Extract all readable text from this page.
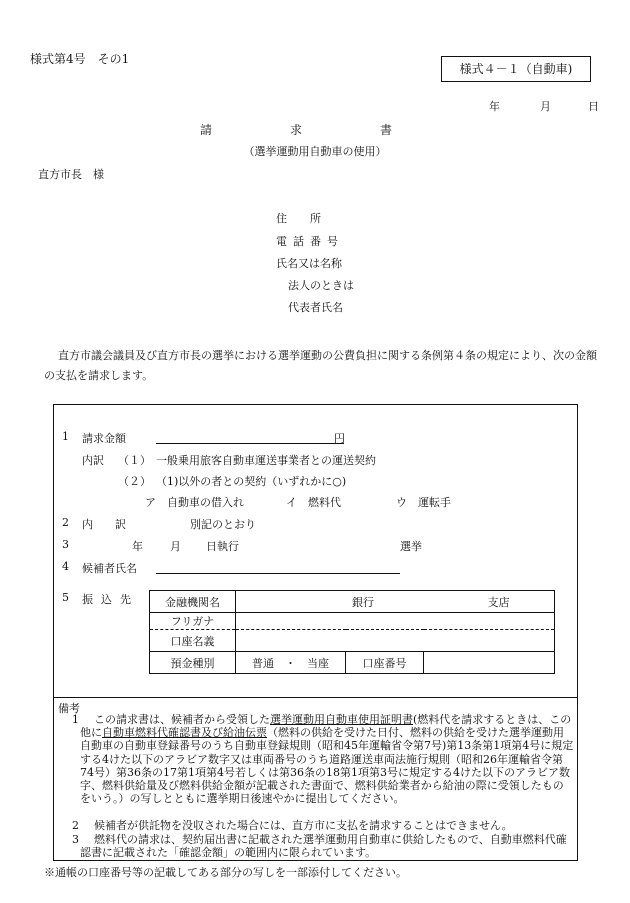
様式第4号　その1
様式４－１（自動車)
年	月	日
請求書
（選挙運動用自動車の使用）
直方市長　様
住　所
電話番号
氏名又は名称
法人のときは
代表者氏名
直方市議会議員及び直方市長の選挙における選挙運動の公費負担に関する条例第４条の規定により、次の金額の支払を請求します。
1 請求金額	円
内訳 （１） 一般乗用旅客自動車運送事業者との運送契約
（２） （1)以外の者との契約（いずれかに○)
ア　自動車の借入れ	イ　燃料代	ウ　運転手
2 内　　訳	別記のとおり
3	年 月 日執行	選挙
4 候補者氏名
5 振込先 金融機関名	銀行 支店		
フリガナ			
口座名義			
預金種別	普通　・　当座	口座番号	
備考
1	この請求書は、候補者から受領した選挙運動用自動車使用証明書(燃料代を請求するときは、この他に自動車燃料代確認書及び給油伝票（燃料の供給を受けた日付、燃料の供給を受けた選挙運動用自動車の自動車登録番号のうち自動車登録規則（昭和45年運輸省令第7号)第13条第1項第4号に規定する4けた以下のアラビア数字又は車両番号のうち道路運送車両法施行規則（昭和26年運輸省令第74号）第36条の17第1項第4号若しくは第36条の18第1項第3号に規定する4けた以下のアラビア数字、燃料供給量及び燃料供給金額が記載された書面で、燃料供給業者から給油の際に受領したものをいう。）の写しとともに選挙期日後速やかに提出してください。
2 候補者が供託物を没収された場合には、直方市に支払を請求することはできません。
3	燃料代の請求は、契約届出書に記載された選挙運動用自動車に供給したもので、自動車燃料代確認書に記載された「確認金額」の範囲内に限られています。
※通帳の口座番号等の記載してある部分の写しを一部添付してください。
